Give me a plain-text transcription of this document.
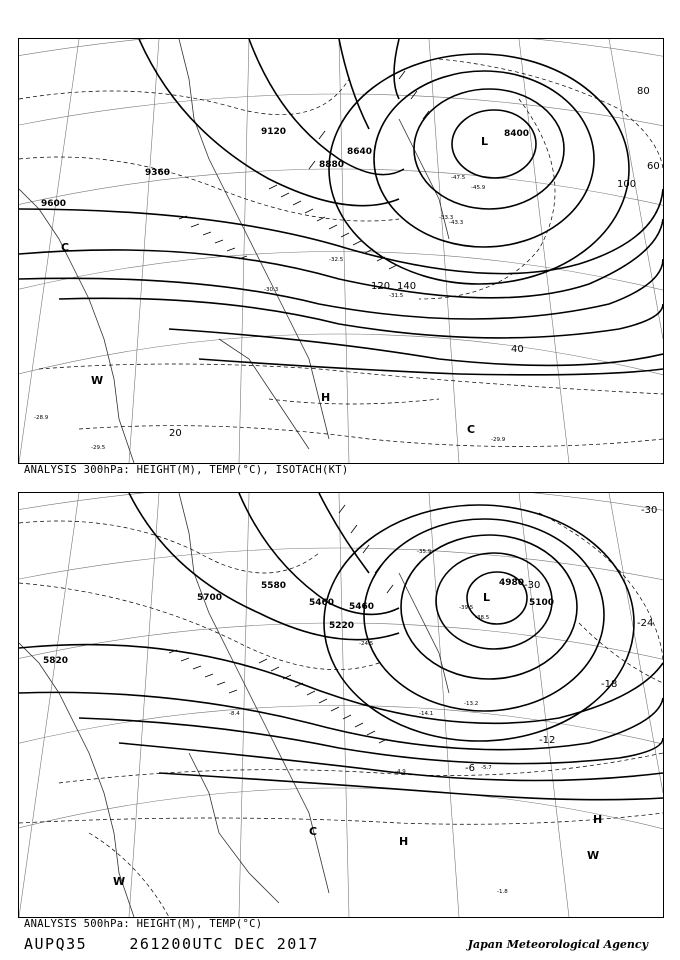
9600
9360
9120
8880
8640
8400
20
40
60
80
100
120 140
L
H
W
C
C
-47.5
-45.9
-43.3
-33.3
-32.5
-31.5
-30.3
-29.9
-28.9
-29.5
ANALYSIS 300hPa: HEIGHT(M), TEMP(°C), ISOTACH(KT)
5820
5700
5580
5460 5460
5220
5100
4980
-6
-12
-18
-24
-30
-30
L
H
H
W
W
C
-39.5
-38.5
-35.9
-24.5
-14.1
-13.2
-8.4
-5.7
-4.9
-1.8
ANALYSIS 500hPa: HEIGHT(M), TEMP(°C)
AUPQ35	261200UTC DEC 2017	Japan Meteorological Agency
